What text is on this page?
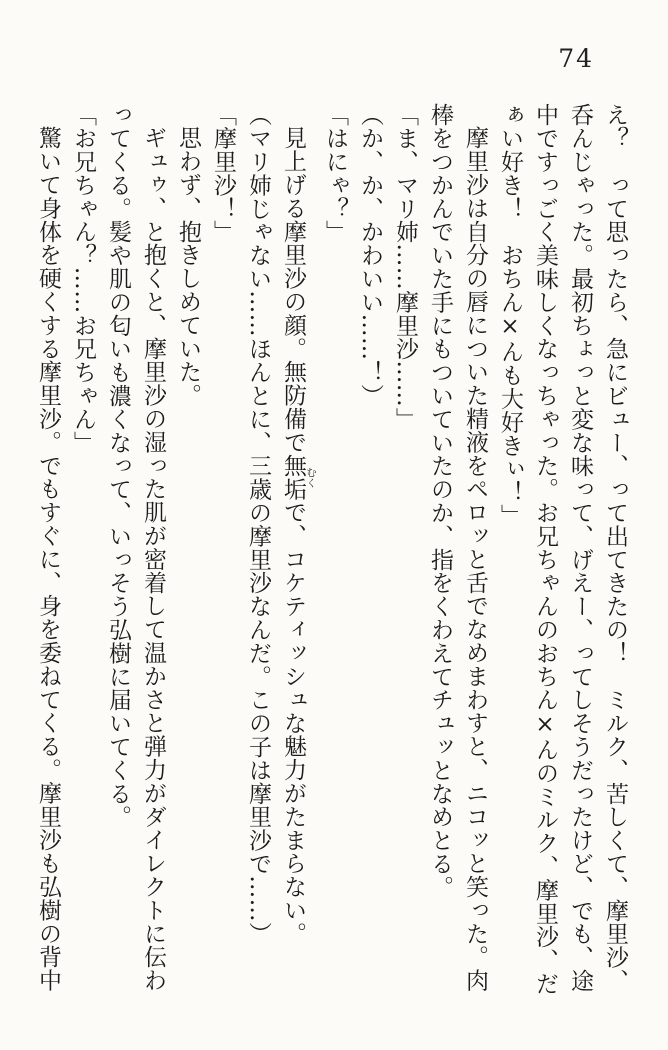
74

え？　って思ったら、急にビュー、って出てきたの！　ミルク、苦しくて、摩里沙、呑んじゃった。最初ちょっと変な味って、げえー、ってしそうだったけど、でも、途中ですっごく美味しくなっちゃった。お兄ちゃんのおちん×んのミルク、摩里沙、だぁい好き！　おちん×んも大好きぃ！」

摩里沙は自分の唇についた精液をペロッと舌でなめまわすと、ニコッと笑った。肉棒をつかんでいた手にもついていたのか、指をくわえてチュッとなめとる。

「ま、マリ姉……摩里沙……」

（か、か、かわいい……！）

「はにゃ？」

見上げる摩里沙の顔。無防備で無垢 むくで、コケティッシュな魅力がたまらない。

（マリ姉じゃない……ほんとに、三歳の摩里沙なんだ。この子は摩里沙で……）

「摩里沙！」

思わず、抱きしめていた。

ギュゥ、と抱くと、摩里沙の湿った肌が密着して温かさと弾力がダイレクトに伝わってくる。髪や肌の匂いも濃くなって、いっそう弘樹に届いてくる。

「お兄ちゃん？……お兄ちゃん」

驚いて身体を硬くする摩里沙。でもすぐに、身を委ねてくる。摩里沙も弘樹の背中
